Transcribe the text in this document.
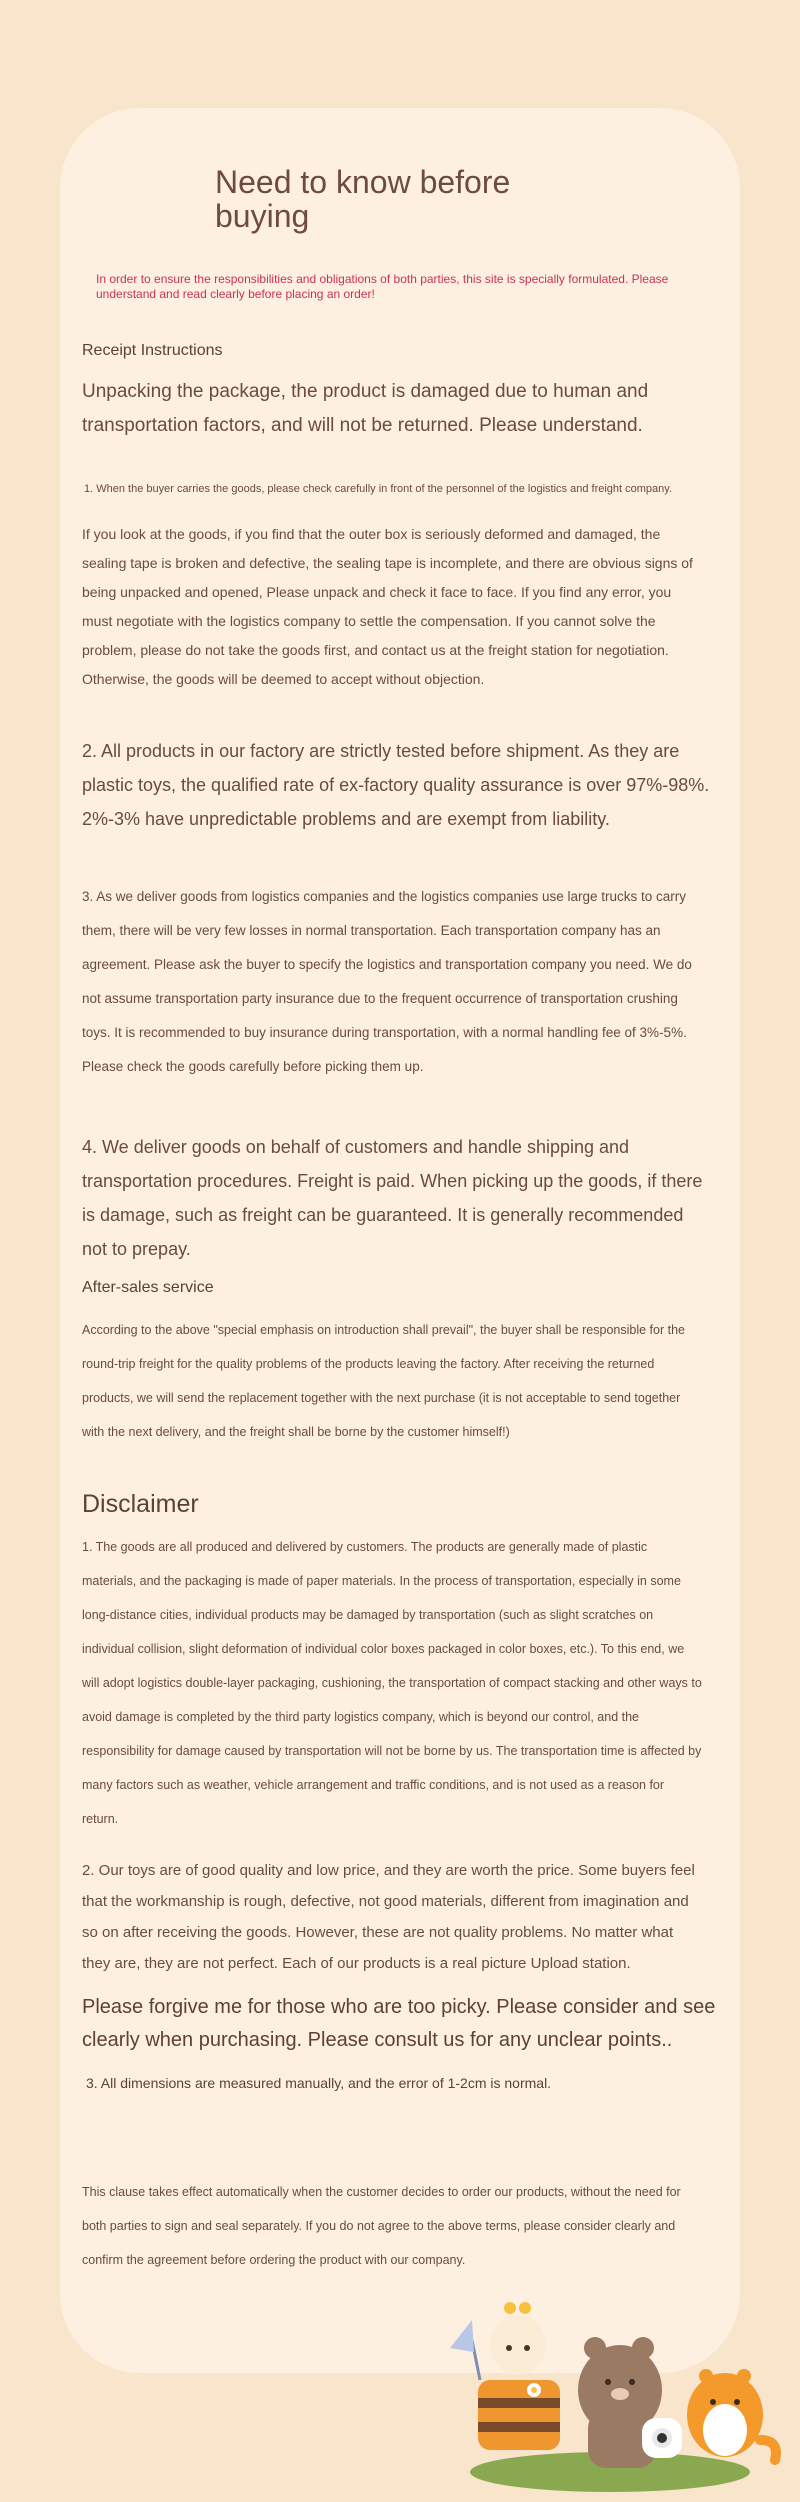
Need to know before buying
In order to ensure the responsibilities and obligations of both parties, this site is specially formulated. Please understand and read clearly before placing an order!
Receipt Instructions
Unpacking the package, the product is damaged due to human and transportation factors, and will not be returned. Please understand.
1. When the buyer carries the goods, please check carefully in front of the personnel of the logistics and freight company.
If you look at the goods, if you find that the outer box is seriously deformed and damaged, the sealing tape is broken and defective, the sealing tape is incomplete, and there are obvious signs of being unpacked and opened, Please unpack and check it face to face. If you find any error, you must negotiate with the logistics company to settle the compensation. If you cannot solve the problem, please do not take the goods first, and contact us at the freight station for negotiation. Otherwise, the goods will be deemed to accept without objection.
2. All products in our factory are strictly tested before shipment. As they are plastic toys, the qualified rate of ex-factory quality assurance is over 97%-98%. 2%-3% have unpredictable problems and are exempt from liability.
3. As we deliver goods from logistics companies and the logistics companies use large trucks to carry them, there will be very few losses in normal transportation. Each transportation company has an agreement. Please ask the buyer to specify the logistics and transportation company you need. We do not assume transportation party insurance due to the frequent occurrence of transportation crushing toys. It is recommended to buy insurance during transportation, with a normal handling fee of 3%-5%. Please check the goods carefully before picking them up.
4. We deliver goods on behalf of customers and handle shipping and transportation procedures. Freight is paid. When picking up the goods, if there is damage, such as freight can be guaranteed. It is generally recommended not to prepay.
After-sales service
According to the above "special emphasis on introduction shall prevail", the buyer shall be responsible for the round-trip freight for the quality problems of the products leaving the factory. After receiving the returned products, we will send the replacement together with the next purchase (it is not acceptable to send together with the next delivery, and the freight shall be borne by the customer himself!)
Disclaimer
1. The goods are all produced and delivered by customers. The products are generally made of plastic materials, and the packaging is made of paper materials. In the process of transportation, especially in some long-distance cities, individual products may be damaged by transportation (such as slight scratches on individual collision, slight deformation of individual color boxes packaged in color boxes, etc.). To this end, we will adopt logistics double-layer packaging, cushioning, the transportation of compact stacking and other ways to avoid damage is completed by the third party logistics company, which is beyond our control, and the responsibility for damage caused by transportation will not be borne by us. The transportation time is affected by many factors such as weather, vehicle arrangement and traffic conditions, and is not used as a reason for return.
2. Our toys are of good quality and low price, and they are worth the price. Some buyers feel that the workmanship is rough, defective, not good materials, different from imagination and so on after receiving the goods. However, these are not quality problems. No matter what they are, they are not perfect. Each of our products is a real picture Upload station.
Please forgive me for those who are too picky. Please consider and see clearly when purchasing. Please consult us for any unclear points..
3. All dimensions are measured manually, and the error of 1-2cm is normal.
This clause takes effect automatically when the customer decides to order our products, without the need for both parties to sign and seal separately. If you do not agree to the above terms, please consider clearly and confirm the agreement before ordering the product with our company.
